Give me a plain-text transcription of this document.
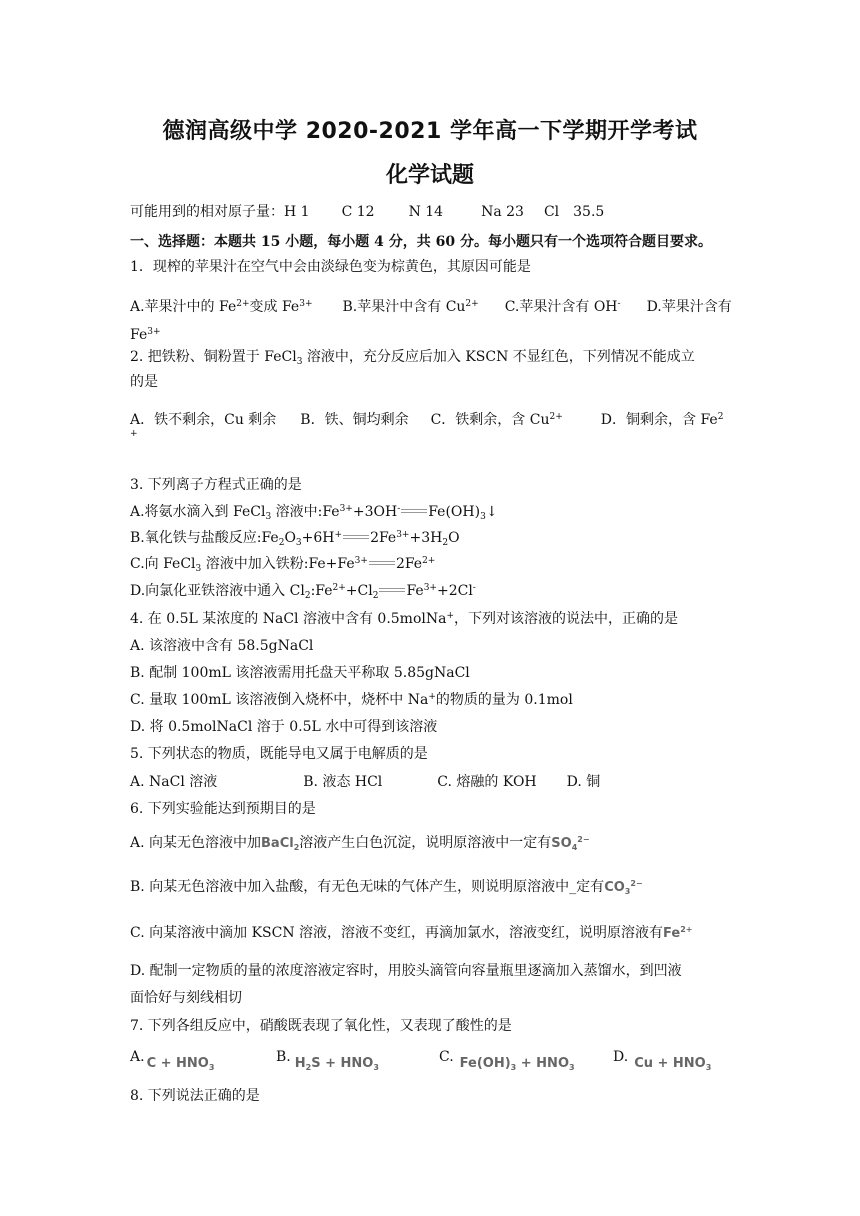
德润高级中学 2020-2021 学年高一下学期开学考试
化学试题
可能用到的相对原子量：H 1 C 12 N 14	Na 23 Cl　35.5
一、选择题：本题共 15 小题，每小题 4 分，共 60 分。每小题只有一个选项符合题目要求。
1．现榨的苹果汁在空气中会由淡绿色变为棕黄色，其原因可能是
A.苹果汁中的 $Fe^{2+}$变成 $Fe^{3+}$ B.苹果汁中含有 $Cu^{2+}$ C.苹果汁含有 OH- D.苹果汁含有
$Fe^{3+}$
2. 把铁粉、铜粉置于 FeCl$_3$ 溶液中，充分反应后加入 KSCN 不显红色，下列情况不能成立
的是
A．铁不剩余，Cu 剩余 B．铁、铜均剩余 C．铁剩余，含 $Cu^{2+}$	D．铜剩余，含 $Fe^2$
+
3. 下列离子方程式正确的是
A.将氨水滴入到 FeCl$_3$ 溶液中$:Fe^{3+}+3OH^-$ $Fe(OH)_3↓$
B.氧化铁与盐酸反应$:Fe_2O_3+6H^+$ $2Fe^{3+}+3H_2O$
C.向 FeCl$_3$ 溶液中加入铁粉$:Fe+Fe^{3+}$ $2Fe^{2+}$
D.向氯化亚铁溶液中通入 $Cl_2:Fe^{2+}+Cl_2$ $Fe^{3+}+2Cl^-$
4. 在 0.5L 某浓度的 NaCl 溶液中含有 0.5molNa+，下列对该溶液的说法中，正确的是
A. 该溶液中含有 58.5gNaCl
B. 配制 100mL 该溶液需用托盘天平称取 5.85gNaCl
C. 量取 100mL 该溶液倒入烧杯中，烧杯中 Na+的物质的量为 0.1mol
D. 将 0.5molNaCl 溶于 0.5L 水中可得到该溶液
5. 下列状态的物质，既能导电又属于电解质的是
A. NaCl 溶液	B. 液态 HCl	C. 熔融的 KOH D. 铜
6. 下列实验能达到预期目的是
A. 向某无色溶液中加BaCl$_2$溶液产生白色沉淀，说明原溶液中一定有$SO_4^{2-}$
B. 向某无色溶液中加入盐酸，有无色无味的气体产生，则说明原溶液中_定有$CO_3^{2-}$
C. 向某溶液中滴加 KSCN 溶液，溶液不变红，再滴加氯水，溶液变红，说明原溶液有$Fe^{2+}$
D. 配制一定物质的量的浓度溶液定容时，用胶头滴管向容量瓶里逐滴加入蒸馏水，到凹液
面恰好与刻线相切
7. 下列各组反应中，硝酸既表现了氧化性，又表现了酸性的是
A. $C + HNO_3$
B. $H_2S + HNO_3$
C. $Fe(OH)_3 + HNO_3$
D. $Cu + HNO_3$
8. 下列说法正确的是
